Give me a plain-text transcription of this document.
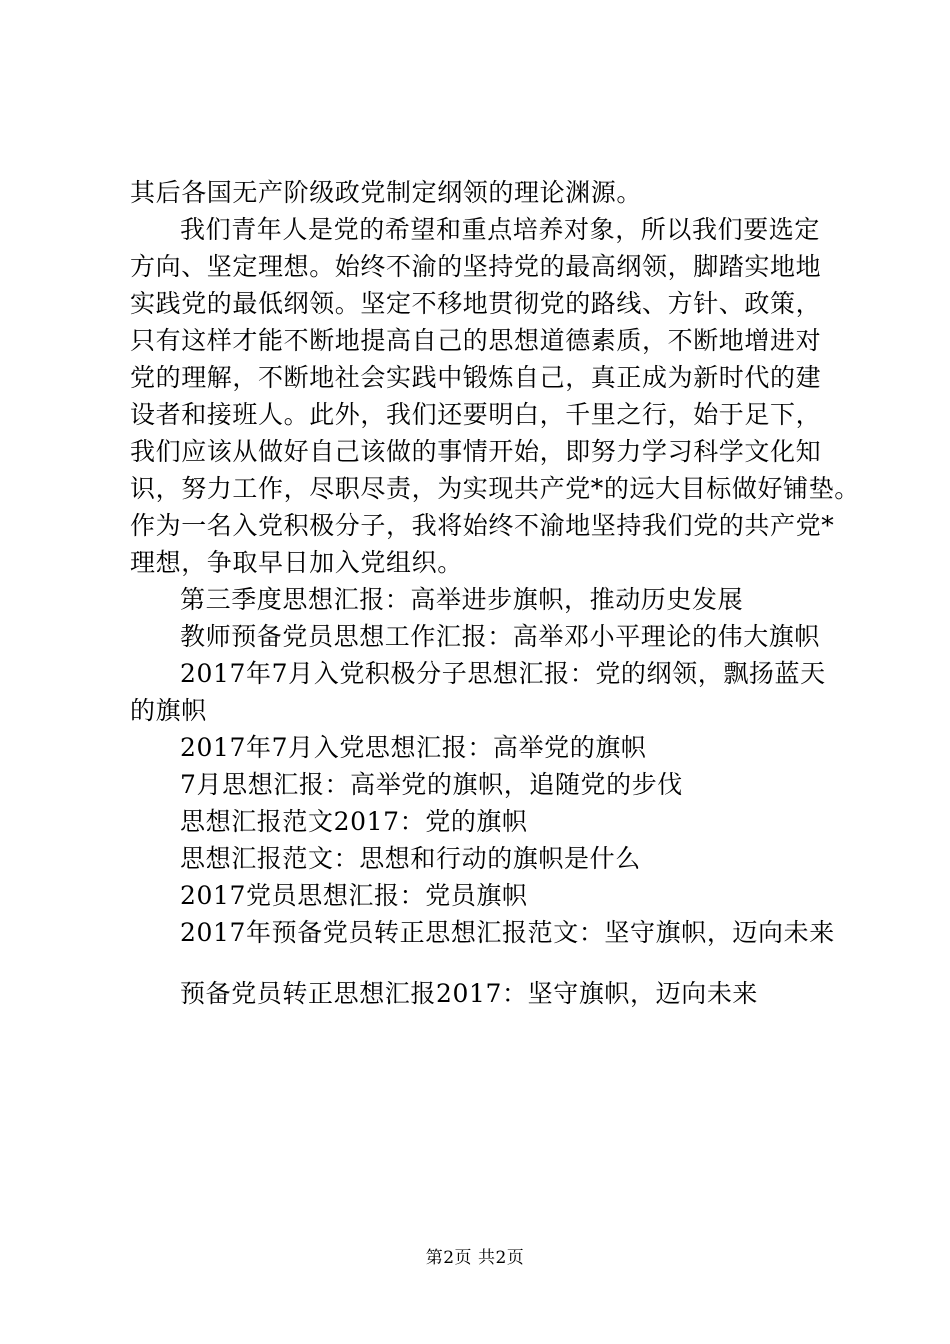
其后各国无产阶级政党制定纲领的理论渊源。
我们青年人是党的希望和重点培养对象，所以我们要选定
方向、坚定理想。始终不渝的坚持党的最高纲领，脚踏实地地
实践党的最低纲领。坚定不移地贯彻党的路线、方针、政策，
只有这样才能不断地提高自己的思想道德素质，不断地增进对
党的理解，不断地社会实践中锻炼自己，真正成为新时代的建
设者和接班人。此外，我们还要明白，千里之行，始于足下，
我们应该从做好自己该做的事情开始，即努力学习科学文化知
识，努力工作，尽职尽责，为实现共产党*的远大目标做好铺垫。
作为一名入党积极分子，我将始终不渝地坚持我们党的共产党*
理想，争取早日加入党组织。
第三季度思想汇报：高举进步旗帜，推动历史发展
教师预备党员思想工作汇报：高举邓小平理论的伟大旗帜
2017年7月入党积极分子思想汇报：党的纲领，飘扬蓝天
的旗帜
2017年7月入党思想汇报：高举党的旗帜
7月思想汇报：高举党的旗帜，追随党的步伐
思想汇报范文2017：党的旗帜
思想汇报范文：思想和行动的旗帜是什么
2017党员思想汇报：党员旗帜
2017年预备党员转正思想汇报范文：坚守旗帜，迈向未来
预备党员转正思想汇报2017：坚守旗帜，迈向未来
第2页 共2页
